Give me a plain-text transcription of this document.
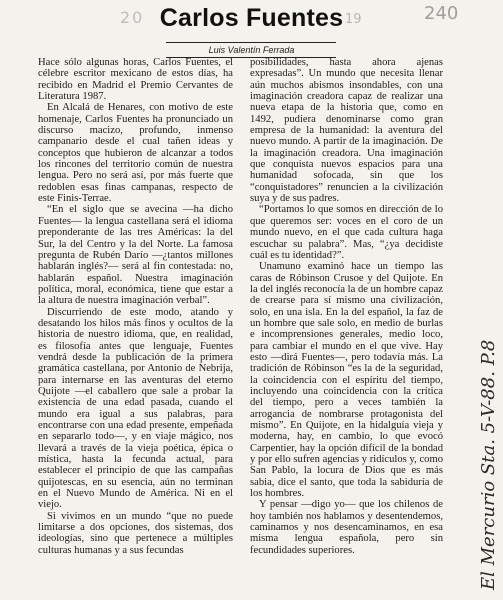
20	19	240
Carlos Fuentes
Luis Valentín Ferrada

Hace sólo algunas horas, Carlos Fuentes, el célebre escritor mexicano de estos días, ha recibido en Madrid el Premio Cervantes de Literatura 1987.

En Alcalá de Henares, con motivo de este homenaje, Carlos Fuentes ha pronunciado un discurso macizo, profundo, inmenso campanario desde el cual tañen ideas y conceptos que hubieron de alcanzar a todos los rincones del territorio común de nuestra lengua. Pero no será así, por más fuerte que redoblen esas finas campanas, respecto de este Finis-Terrae.

“En el siglo que se avecina —ha dicho Fuentes— la lengua castellana será el idioma preponderante de las tres Américas: la del Sur, la del Centro y la del Norte. La famosa pregunta de Rubén Darío —¿tantos millones hablarán inglés?— será al fin contestada: no, hablarán español. Nuestra imaginación política, moral, económica, tiene que estar a la altura de nuestra imaginación verbal”.

Discurriendo de este modo, atando y desatando los hilos más finos y ocultos de la historia de nuestro idioma, que, en realidad, es filosofía antes que lenguaje, Fuentes vendrá desde la publicación de la primera gramática castellana, por Antonio de Nebrija, para internarse en las aventuras del eterno Quijote —el caballero que sale a probar la existencia de una edad pasada, cuando el mundo era igual a sus palabras, para encontrarse con una edad presente, empeñada en separarlo todo—, y en viaje mágico, nos llevará a través de la vieja poética, épica o mística, hasta la fecunda actual, para establecer el principio de que las campañas quijotescas, en su esencia, aún no terminan en el Nuevo Mundo de América. Ni en el viejo.

Si vivimos en un mundo “que no puede limitarse a dos opciones, dos sistemas, dos ideologías, sino que pertenece a múltiples culturas humanas y a sus fecundas

posibilidades, hasta ahora ajenas expresadas”. Un mundo que necesita llenar aún muchos abismos insondables, con una imaginación creadora capaz de realizar una nueva etapa de la historia que, como en 1492, pudiera denominarse como gran empresa de la humanidad: la aventura del nuevo mundo. A partir de la imaginación. De la imaginación creadora. Una imaginación que conquista nuevos espacios para una humanidad sofocada, sin que los “conquistadores” renuncien a la civilización suya y de sus padres.

“Portamos lo que somos en dirección de lo que queremos ser: voces en el coro de un mundo nuevo, en el que cada cultura haga escuchar su palabra”. Mas, “¿ya decidiste cuál es tu identidad?”.

Unamuno examinó hace un tiempo las caras de Róbinson Crusoe y del Quijote. En la del inglés reconocía la de un hombre capaz de crearse para sí mismo una civilización, solo, en una isla. En la del español, la faz de un hombre que sale solo, en medio de burlas e incomprensiones generales, medio loco, para cambiar el mundo en el que vive. Hay esto —dirá Fuentes—, pero todavía más. La tradición de Róbinson “es la de la seguridad, la coincidencia con el espíritu del tiempo, incluyendo una coincidencia con la crítica del tiempo, pero a veces también la arrogancia de nombrarse protagonista del mismo”. En Quijote, en la hidalguía vieja y moderna, hay, en cambio, lo que evocó Carpentier, hay la opción difícil de la bondad y por ello sufren agencias y ridículos y, como San Pablo, la locura de Dios que es más sabia, dice el santo, que toda la sabiduría de los hombres.

Y pensar —digo yo— que los chilenos de hoy también nos hablamos y desentendemos, caminamos y nos desencaminamos, en esa misma lengua española, pero sin fecundidades superiores.	El Mercurio Sta. 5-V-88. P.8
